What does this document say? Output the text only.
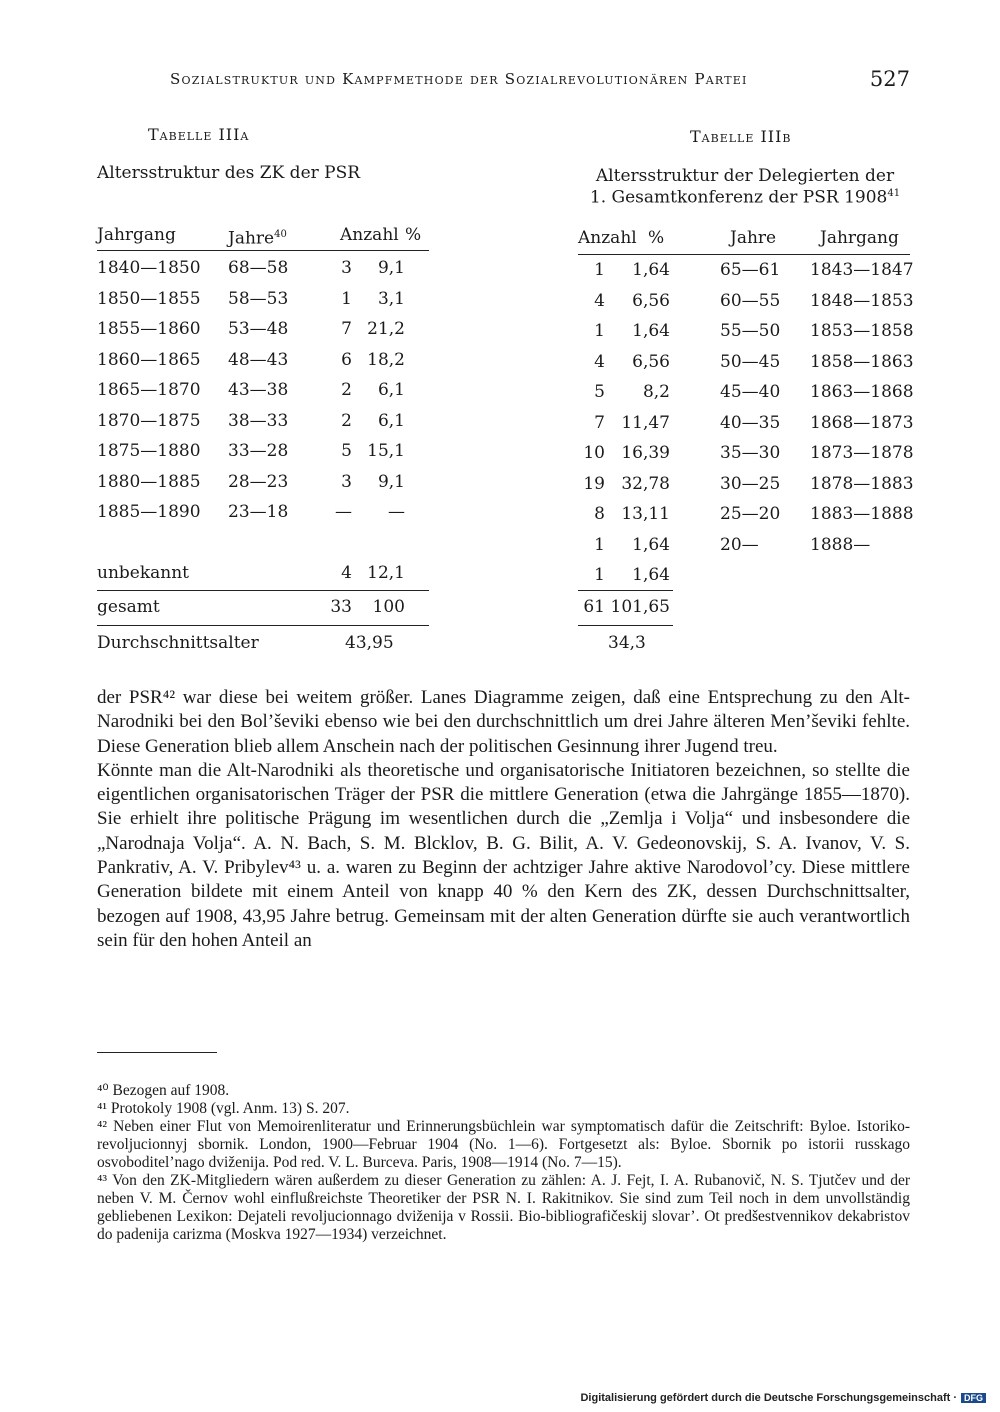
Sozialstruktur und Kampfmethode der Sozialrevolutionären Partei	527
Tabelle IIIa
Altersstruktur des ZK der PSR
Jahrgang	Jahre$^{40}$	Anzahl %
1840—1850	68—58	3	9,1
1850—1855	58—53	1	3,1
1855—1860	53—48	7 21,2
1860—1865	48—43	6 18,2
1865—1870	43—38	2	6,1
1870—1875	38—33	2	6,1
1875—1880	33—28	5 15,1
1880—1885	28—23	3	9,1
1885—1890	23—18	—	—
unbekannt	4 12,1
gesamt	33	100
Durchschnittsalter	43,95
Tabelle IIIb
Altersstruktur der Delegierten der
1. Gesamtkonferenz der PSR 1908$^{41}$
Anzahl %	Jahre	Jahrgang
1	1,64	65—61	1843—1847
4	6,56	60—55	1848—1853
1	1,64	55—50	1853—1858
4	6,56	50—45	1858—1863
5	8,2	45—40	1863—1868
7 11,47	40—35	1868—1873
10 16,39	35—30	1873—1878
19 32,78	30—25	1878—1883
8 13,11	25—20	1883—1888
1	1,64	20—	1888—
1	1,64
61 101,65
34,3

der PSR⁴² war diese bei weitem größer. Lanes Diagramme zeigen, daß eine Entsprechung zu den Alt-Narodniki bei den Bol’ševiki ebenso wie bei den durchschnittlich um drei Jahre älteren Men’ševiki fehlte. Diese Generation blieb allem Anschein nach der politischen Gesinnung ihrer Jugend treu.

Könnte man die Alt-Narodniki als theoretische und organisatorische Initiatoren bezeichnen, so stellte die eigentlichen organisatorischen Träger der PSR die mittlere Generation (etwa die Jahrgänge 1855—1870). Sie erhielt ihre politische Prägung im wesentlichen durch die „Zemlja i Volja“ und insbesondere die „Narodnaja Volja“. A. N. Bach, S. M. Blcklov, B. G. Bilit, A. V. Gedeonovskij, S. A. Ivanov, V. S. Pankrativ, A. V. Pribylev⁴³ u. a. waren zu Beginn der achtziger Jahre aktive Narodovol’cy. Diese mittlere Generation bildete mit einem Anteil von knapp 40 % den Kern des ZK, dessen Durchschnittsalter, bezogen auf 1908, 43,95 Jahre betrug. Gemeinsam mit der alten Generation dürfte sie auch verantwortlich sein für den hohen Anteil an

⁴⁰ Bezogen auf 1908.

⁴¹ Protokoly 1908 (vgl. Anm. 13) S. 207.

⁴² Neben einer Flut von Memoirenliteratur und Erinnerungsbüchlein war symptomatisch dafür die Zeitschrift: Byloe. Istoriko-revoljucionnyj sbornik. London, 1900—Februar 1904 (No. 1—6). Fortgesetzt als: Byloe. Sbornik po istorii russkago osvoboditel’nago dviženija. Pod red. V. L. Burceva. Paris, 1908—1914 (No. 7—15).

⁴³ Von den ZK-Mitgliedern wären außerdem zu dieser Generation zu zählen: A. J. Fejt, I. A. Rubanovič, N. S. Tjutčev und der neben V. M. Černov wohl einflußreichste Theoretiker der PSR N. I. Rakitnikov. Sie sind zum Teil noch in dem unvollständig gebliebenen Lexikon: Dejateli revoljucionnago dviženija v Rossii. Bio-bibliografičeskij slovar’. Ot predšestvennikov dekabristov do padenija carizma (Moskva 1927—1934) verzeichnet.

Digitalisierung gefördert durch die Deutsche Forschungsgemeinschaft · DFG
